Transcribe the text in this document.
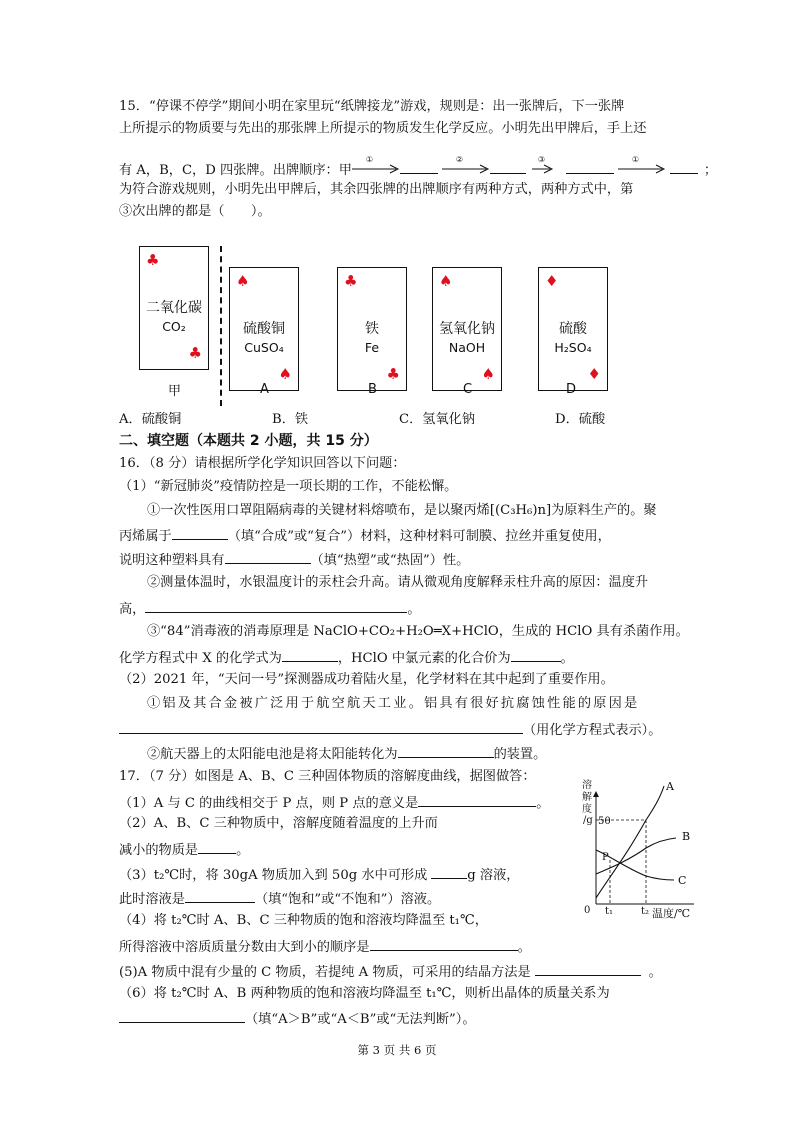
15．“停课不停学”期间小明在家里玩“纸牌接龙”游戏，规则是：出一张牌后，下一张牌
上所提示的物质要与先出的那张牌上所提示的物质发生化学反应。小明先出甲牌后，手上还
有 A，B，C，D 四张牌。出牌顺序：甲
①	②	③	①
；
为符合游戏规则，小明先出甲牌后，其余四张牌的出牌顺序有两种方式，两种方式中，第
③次出牌的都是（　　）。
♣
二氧化碳
CO₂
♣
♠
硫酸铜
CuSO₄
♠
♣
铁
Fe
♣
♠
氢氧化钠
NaOH
♠
♦
硫酸
H₂SO₄
♦
甲	A	B	C	D
A．硫酸铜	B．铁	C．氢氧化钠	D．硫酸
二、填空题（本题共 2 小题，共 15 分）
16．（8 分）请根据所学化学知识回答以下问题：
（1）“新冠肺炎”疫情防控是一项长期的工作，不能松懈。
①一次性医用口罩阻隔病毒的关键材料熔喷布，是以聚丙烯[(C₃H₆)n]为原料生产的。聚
丙烯属于	（填“合成”或“复合”）材料，这种材料可制膜、拉丝并重复使用，
说明这种塑料具有	（填“热塑”或“热固”）性。
②测量体温时，水银温度计的汞柱会升高。请从微观角度解释汞柱升高的原因：温度升
高，	。
③“84”消毒液的消毒原理是 NaClO+CO₂+H₂O═X+HClO，生成的 HClO 具有杀菌作用。
化学方程式中 X 的化学式为	，HClO 中氯元素的化合价为	。
（2）2021 年，“天问一号”探测器成功着陆火星，化学材料在其中起到了重要作用。
①铝及其合金被广泛用于航空航天工业。铝具有很好抗腐蚀性能的原因是
（用化学方程式表示）。
②航天器上的太阳能电池是将太阳能转化为	的装置。
17．（7 分）如图是 A、B、C 三种固体物质的溶解度曲线，据图做答：
（1）A 与 C 的曲线相交于 P 点，则 P 点的意义是	。
（2）A、B、C 三种物质中，溶解度随着温度的上升而
减小的物质是	。
（3）t₂℃时，将 30gA 物质加入到 50g 水中可形成	g 溶液，
此时溶液是	（填“饱和”或“不饱和”）溶液。
（4）将 t₂℃时 A、B、C 三种物质的饱和溶液均降温至 t₁℃，
所得溶液中溶质质量分数由大到小的顺序是	。
(5)A 物质中混有少量的 C 物质，若提纯 A 物质，可采用的结晶方法是	。
（6）将 t₂℃时 A、B 两种物质的饱和溶液均降温至 t₁℃，则析出晶体的质量关系为
（填“A＞B”或“A＜B”或“无法判断”）。
溶
解
度
/g 50
0 t₁	t₂ 温度/℃
P
A
B
C
第 3 页 共 6 页
